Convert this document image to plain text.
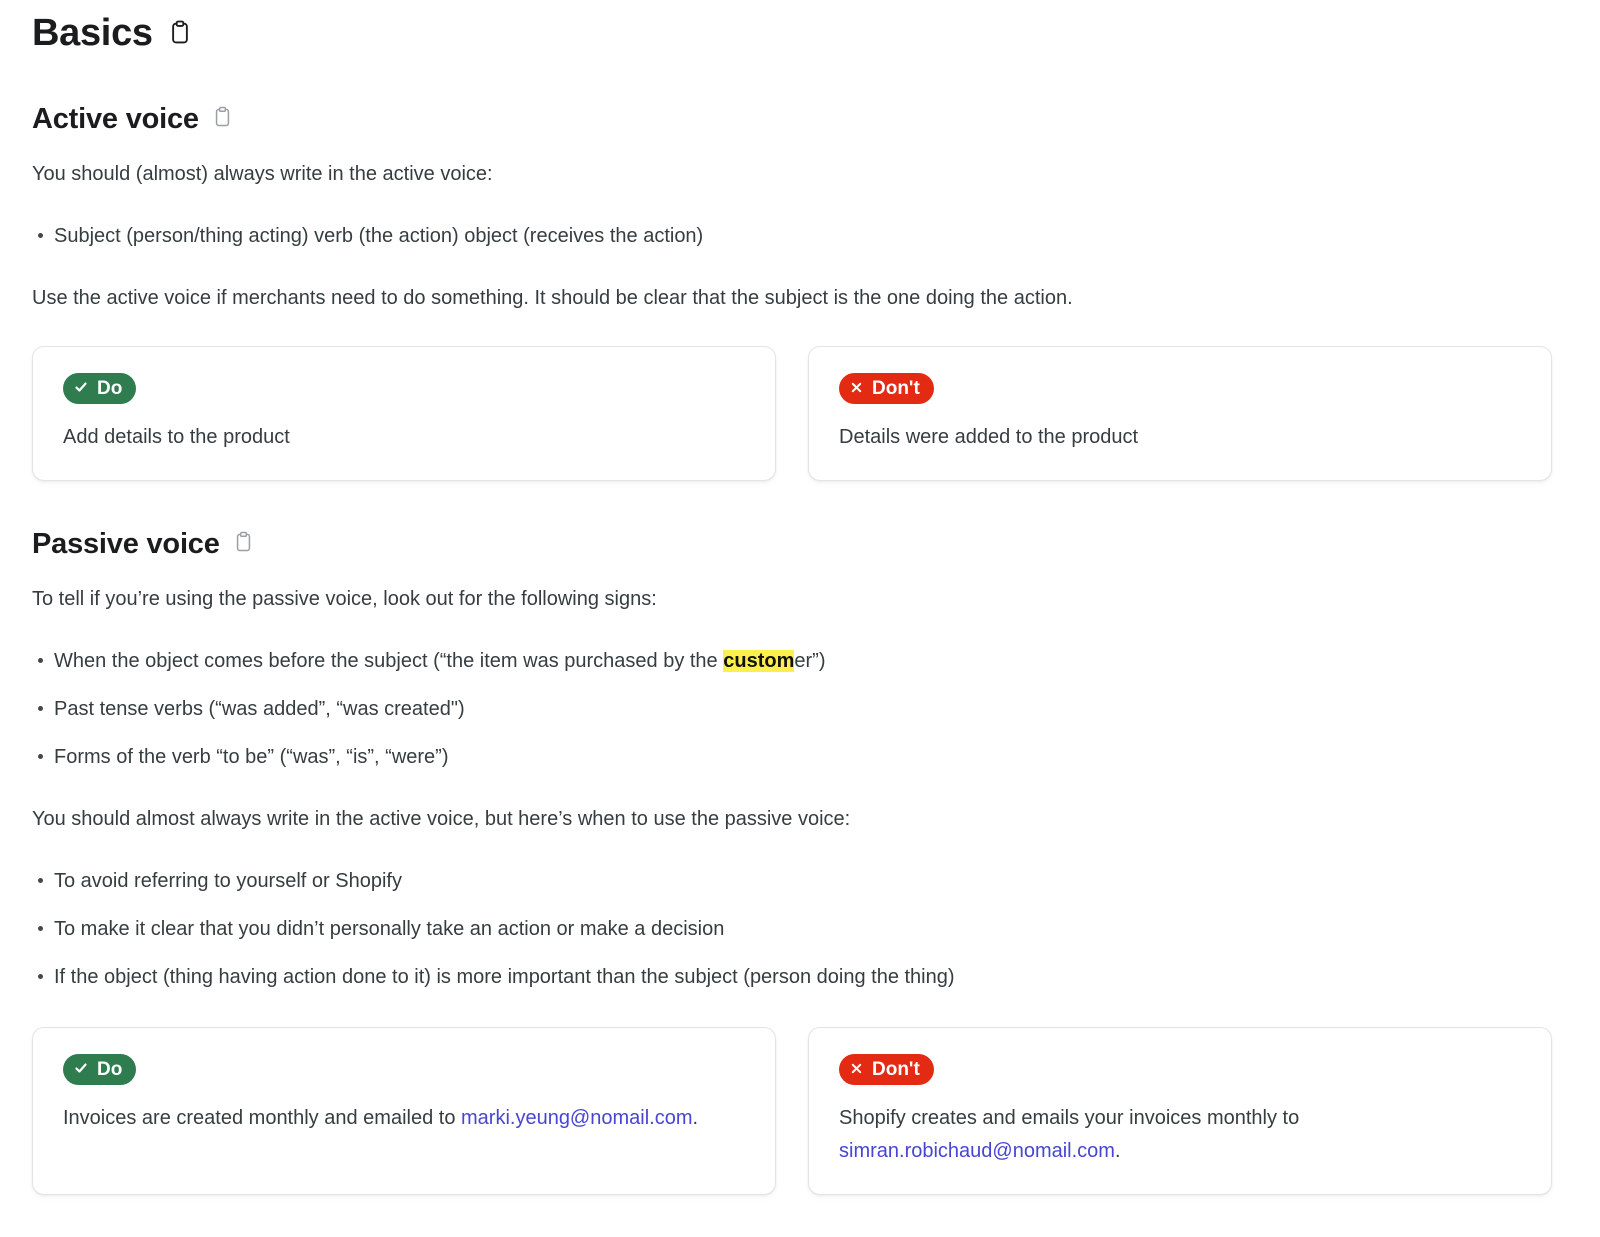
Basics
Active voice

You should (almost) always write in the active voice:

Subject (person/thing acting) verb (the action) object (receives the action)

Use the active voice if merchants need to do something. It should be clear that the subject is the one doing the action.

Do
Add details to the product
Don't
Details were added to the product
Passive voice

To tell if you’re using the passive voice, look out for the following signs:

When the object comes before the subject (“the item was purchased by the customer”)
Past tense verbs (“was added”, “was created")
Forms of the verb “to be” (“was”, “is”, “were”)

You should almost always write in the active voice, but here’s when to use the passive voice:

To avoid referring to yourself or Shopify
To make it clear that you didn’t personally take an action or make a decision
If the object (thing having action done to it) is more important than the subject (person doing the thing)
Do
Invoices are created monthly and emailed to marki.yeung@nomail.com.
Don't
Shopify creates and emails your invoices monthly to simran.robichaud@nomail.com.
